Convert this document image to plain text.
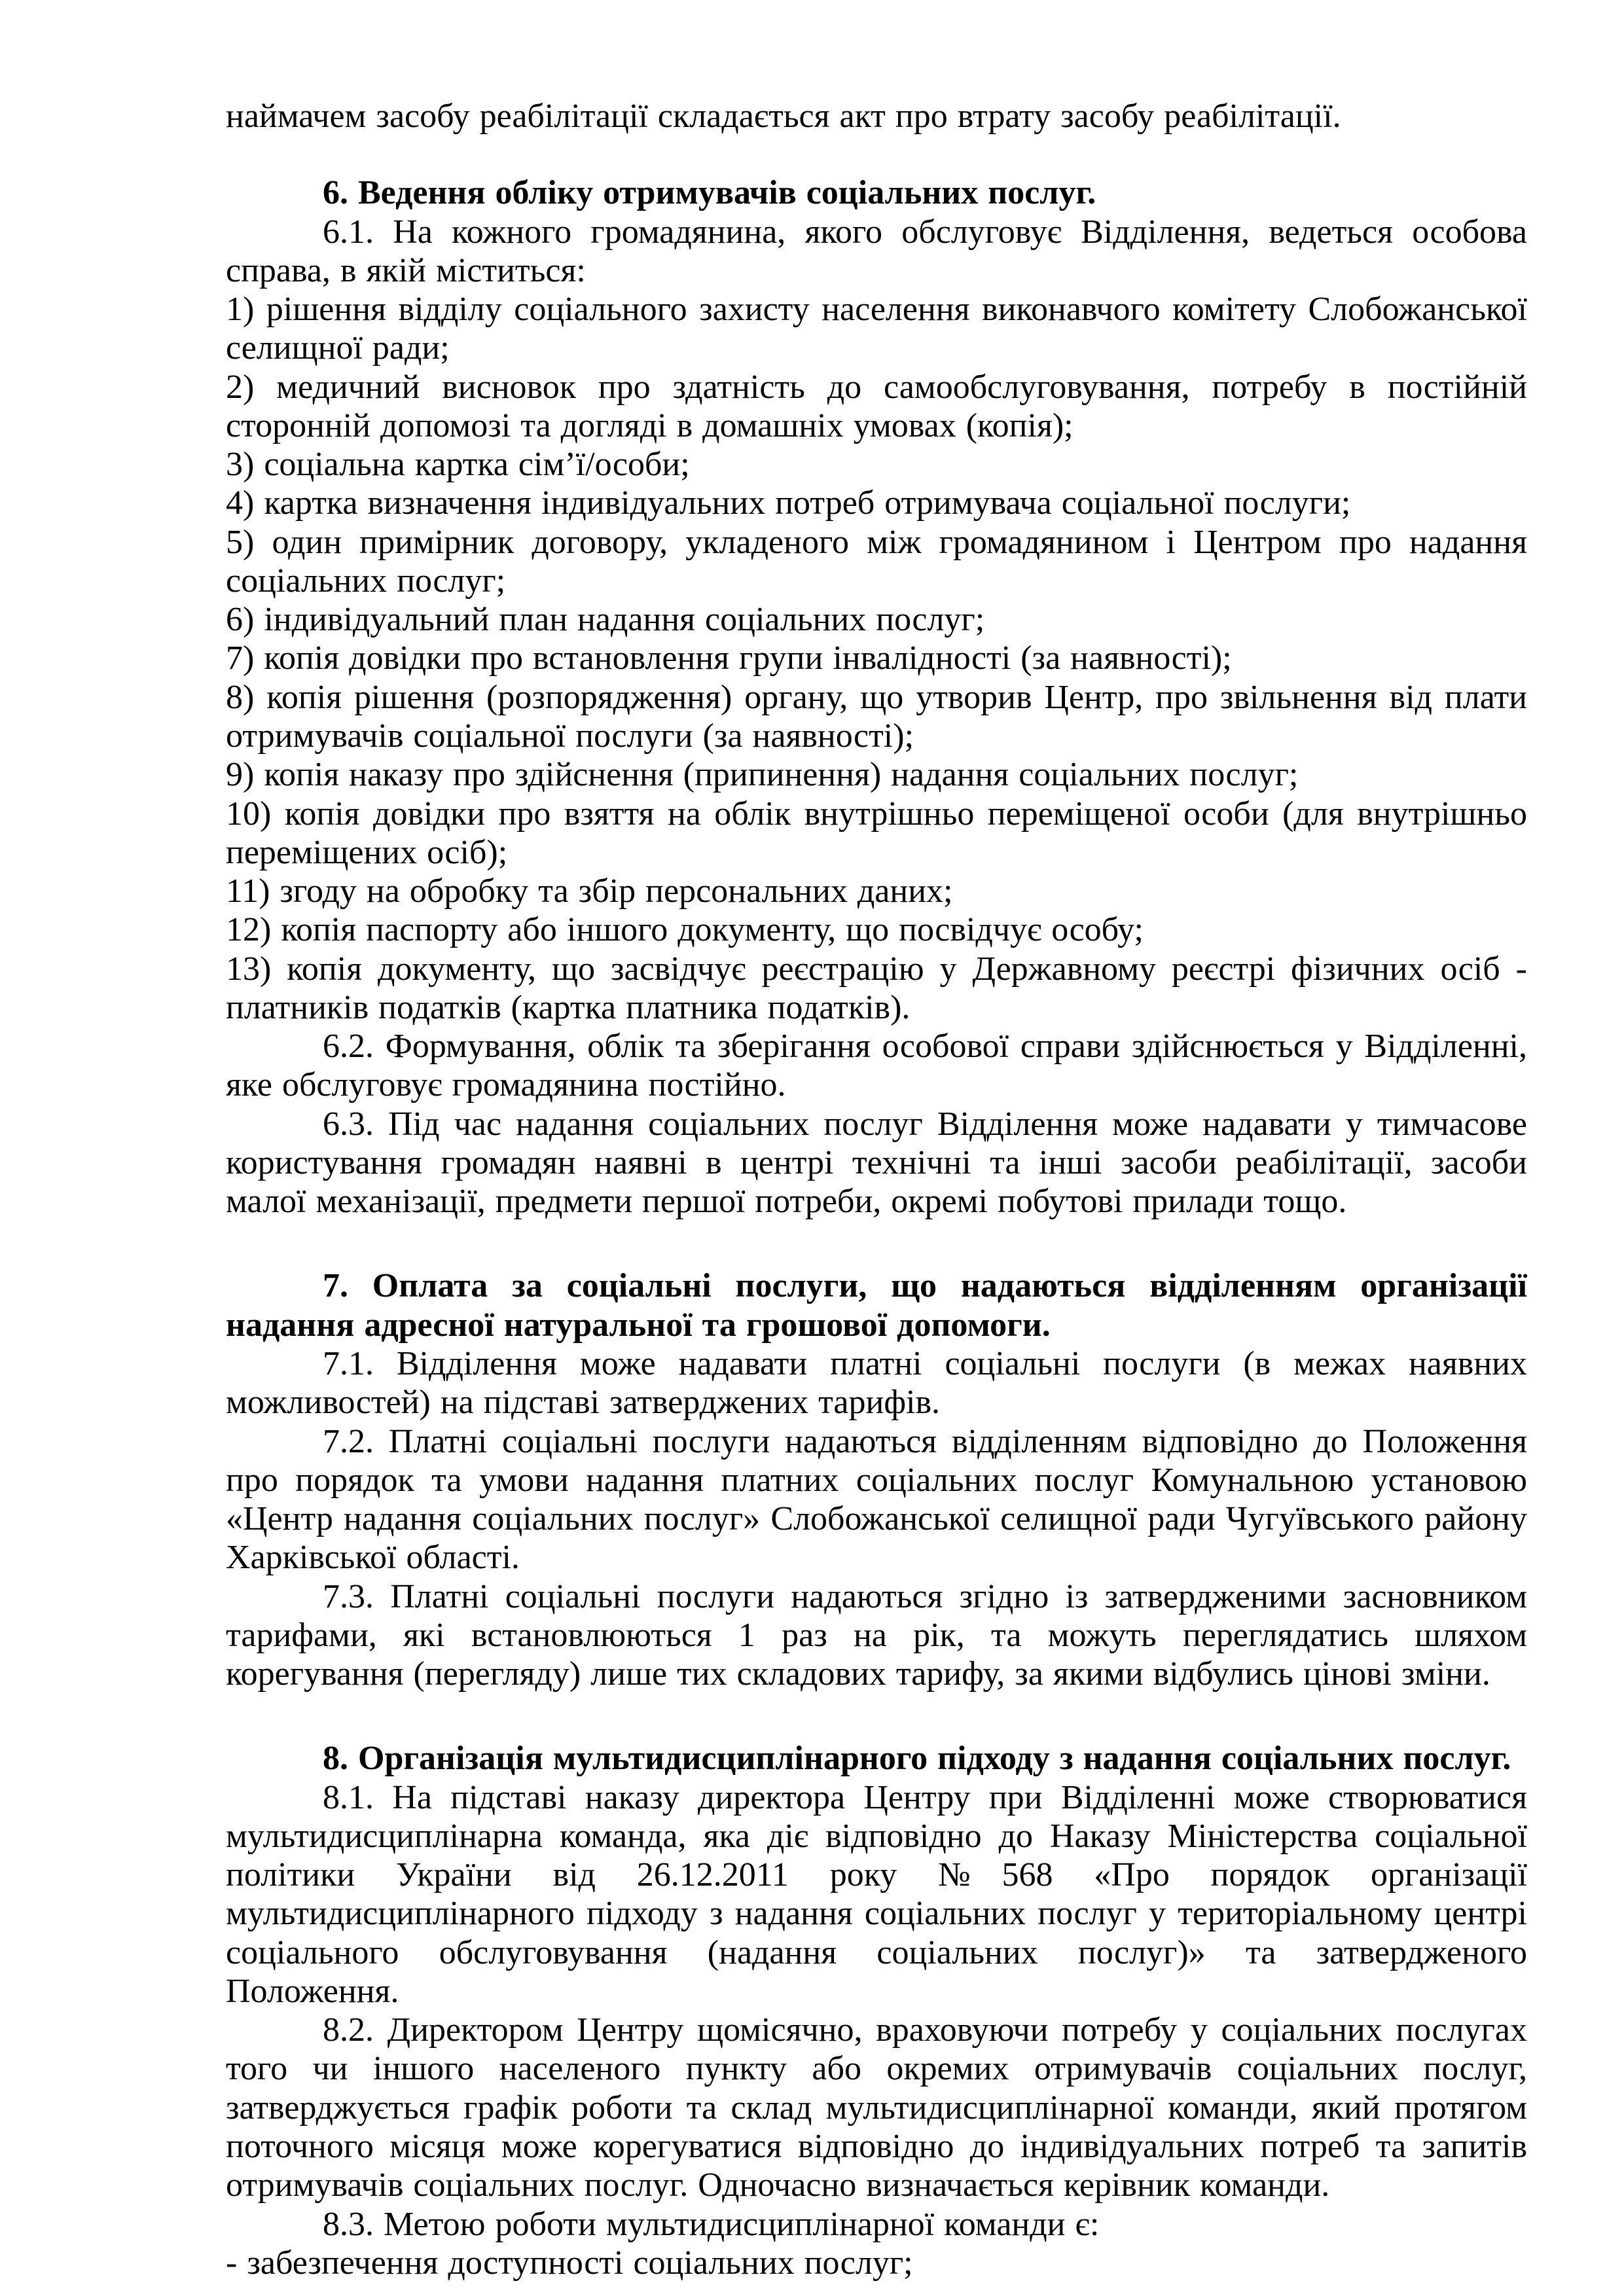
наймачем засобу реабілітації складається акт про втрату засобу реабілітації.

6. Ведення обліку отримувачів соціальних послуг.

6.1. На кожного громадянина, якого обслуговує Відділення, ведеться особова справа, в якій міститься:

1) рішення відділу соціального захисту населення виконавчого комітету Слобожанської селищної ради;

2) медичний висновок про здатність до самообслуговування, потребу в постійній сторонній допомозі та догляді в домашніх умовах (копія);

3) соціальна картка сім’ї/особи;

4) картка визначення індивідуальних потреб отримувача соціальної послуги;

5) один примірник договору, укладеного між громадянином і Центром про надання соціальних послуг;

6) індивідуальний план надання соціальних послуг;

7) копія довідки про встановлення групи інвалідності (за наявності);

8) копія рішення (розпорядження) органу, що утворив Центр, про звільнення від плати отримувачів соціальної послуги (за наявності);

9) копія наказу про здійснення (припинення) надання соціальних послуг;

10) копія довідки про взяття на облік внутрішньо переміщеної особи (для внутрішньо переміщених осіб);

11) згоду на обробку та збір персональних даних;

12) копія паспорту або іншого документу, що посвідчує особу;

13) копія документу, що засвідчує реєстрацію у Державному реєстрі фізичних осіб - платників податків (картка платника податків).

6.2. Формування, облік та зберігання особової справи здійснюється у Відділенні, яке обслуговує громадянина постійно.

6.3. Під час надання соціальних послуг Відділення може надавати у тимчасове користування громадян наявні в центрі технічні та інші засоби реабілітації, засоби малої механізації, предмети першої потреби, окремі побутові прилади тощо.

7. Оплата за соціальні послуги, що надаються відділенням організації надання адресної натуральної та грошової допомоги.

7.1. Відділення може надавати платні соціальні послуги (в межах наявних можливостей) на підставі затверджених тарифів.

7.2. Платні соціальні послуги надаються відділенням відповідно до Положення про порядок та умови надання платних соціальних послуг Комунальною установою «Центр надання соціальних послуг» Слобожанської селищної ради Чугуївського району Харківської області.

7.3. Платні соціальні послуги надаються згідно із затвердженими засновником тарифами, які встановлюються 1 раз на рік, та можуть переглядатись шляхом корегування (перегляду) лише тих складових тарифу, за якими відбулись цінові зміни.

8. Організація мультидисциплінарного підходу з надання соціальних послуг.

8.1. На підставі наказу директора Центру при Відділенні може створюватися мультидисциплінарна команда, яка діє відповідно до Наказу Міністерства соціальної політики України від 26.12.2011 року №568 «Про порядок організації мультидисциплінарного підходу з надання соціальних послуг у територіальному центрі соціального обслуговування (надання соціальних послуг)» та затвердженого Положення.

8.2. Директором Центру щомісячно, враховуючи потребу у соціальних послугах того чи іншого населеного пункту або окремих отримувачів соціальних послуг, затверджується графік роботи та склад мультидисциплінарної команди, який протягом поточного місяця може корегуватися відповідно до індивідуальних потреб та запитів отримувачів соціальних послуг. Одночасно визначається керівник команди.

8.3. Метою роботи мультидисциплінарної команди є:

- забезпечення доступності соціальних послуг;
